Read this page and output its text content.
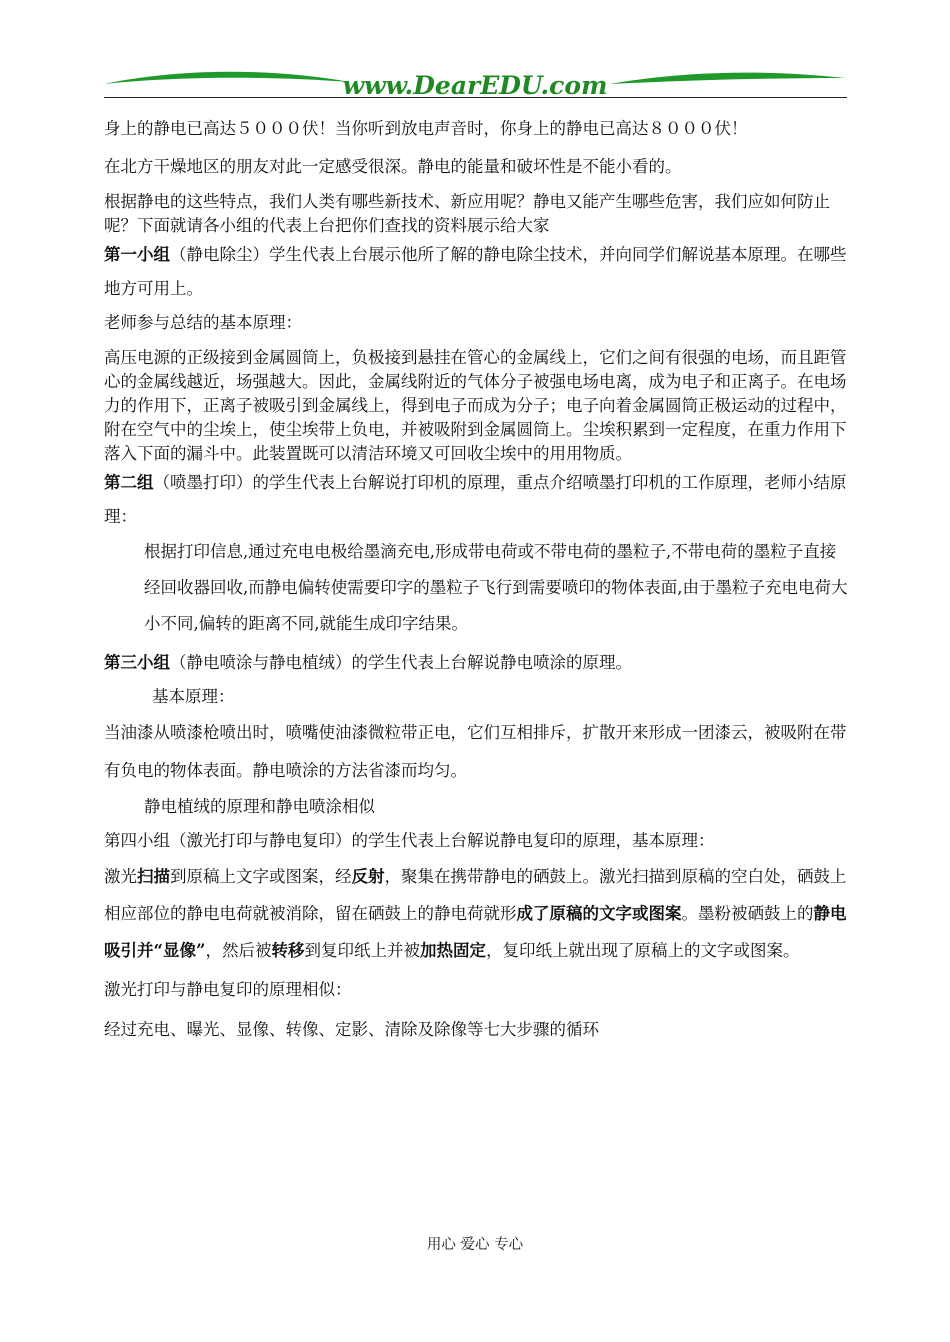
www.DearEDU.com

身上的静电已高达５０００伏！当你听到放电声音时，你身上的静电已高达８０００伏！

在北方干燥地区的朋友对此一定感受很深。静电的能量和破坏性是不能小看的。

根据静电的这些特点，我们人类有哪些新技术、新应用呢？静电又能产生哪些危害，我们应如何防止呢？下面就请各小组的代表上台把你们查找的资料展示给大家

第一小组（静电除尘）学生代表上台展示他所了解的静电除尘技术，并向同学们解说基本原理。在哪些地方可用上。

老师参与总结的基本原理：

高压电源的正级接到金属圆筒上，负极接到悬挂在管心的金属线上，它们之间有很强的电场，而且距管心的金属线越近，场强越大。因此，金属线附近的气体分子被强电场电离，成为电子和正离子。在电场力的作用下，正离子被吸引到金属线上，得到电子而成为分子；电子向着金属圆筒正极运动的过程中，附在空气中的尘埃上，使尘埃带上负电，并被吸附到金属圆筒上。尘埃积累到一定程度，在重力作用下落入下面的漏斗中。此装置既可以清洁环境又可回收尘埃中的用用物质。

第二组（喷墨打印）的学生代表上台解说打印机的原理，重点介绍喷墨打印机的工作原理，老师小结原理：

根据打印信息,通过充电电极给墨滴充电,形成带电荷或不带电荷的墨粒子,不带电荷的墨粒子直接经回收器回收,而静电偏转使需要印字的墨粒子飞行到需要喷印的物体表面,由于墨粒子充电电荷大小不同,偏转的距离不同,就能生成印字结果。

第三小组（静电喷涂与静电植绒）的学生代表上台解说静电喷涂的原理。

基本原理：

当油漆从喷漆枪喷出时，喷嘴使油漆微粒带正电，它们互相排斥，扩散开来形成一团漆云，被吸附在带有负电的物体表面。静电喷涂的方法省漆而均匀。

静电植绒的原理和静电喷涂相似

第四小组（激光打印与静电复印）的学生代表上台解说静电复印的原理，基本原理：

激光扫描到原稿上文字或图案，经反射，聚集在携带静电的硒鼓上。激光扫描到原稿的空白处，硒鼓上相应部位的静电电荷就被消除，留在硒鼓上的静电荷就形成了原稿的文字或图案。墨粉被硒鼓上的静电吸引并“显像”，然后被转移到复印纸上并被加热固定，复印纸上就出现了原稿上的文字或图案。

激光打印与静电复印的原理相似：

经过充电、曝光、显像、转像、定影、清除及除像等七大步骤的循环

用心 爱心 专心
